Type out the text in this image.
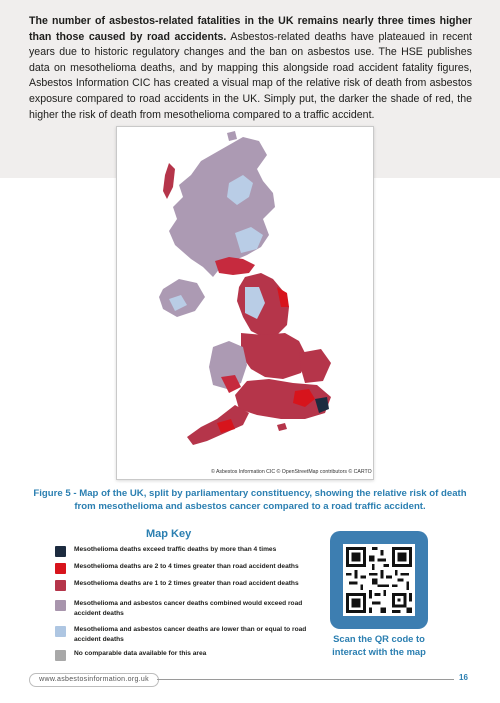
The number of asbestos-related fatalities in the UK remains nearly three times higher than those caused by road accidents. Asbestos-related deaths have plateaued in recent years due to historic regulatory changes and the ban on asbestos use. The HSE publishes data on mesothelioma deaths, and by mapping this alongside road accident fatality figures, Asbestos Information CIC has created a visual map of the relative risk of death from asbestos exposure compared to road accidents in the UK. Simply put, the darker the shade of red, the higher the risk of death from mesothelioma compared to a traffic accident.

© Asbestos Information CIC © OpenStreetMap contributors © CARTO

Figure 5 - Map of the UK, split by parliamentary constituency, showing the relative risk of death from mesothelioma and asbestos cancer compared to a road traffic accident.

Map Key
Mesothelioma deaths exceed traffic deaths by more than 4 times
Mesothelioma deaths are 2 to 4 times greater than road accident deaths
Mesothelioma deaths are 1 to 2 times greater than road accident deaths
Mesothelioma and asbestos cancer deaths combined would exceed road accident deaths
Mesothelioma and asbestos cancer deaths are lower than or equal to road accident deaths
No comparable data available for this area
Scan the QR code to interact with the map
www.asbestosinformation.org.uk	16
